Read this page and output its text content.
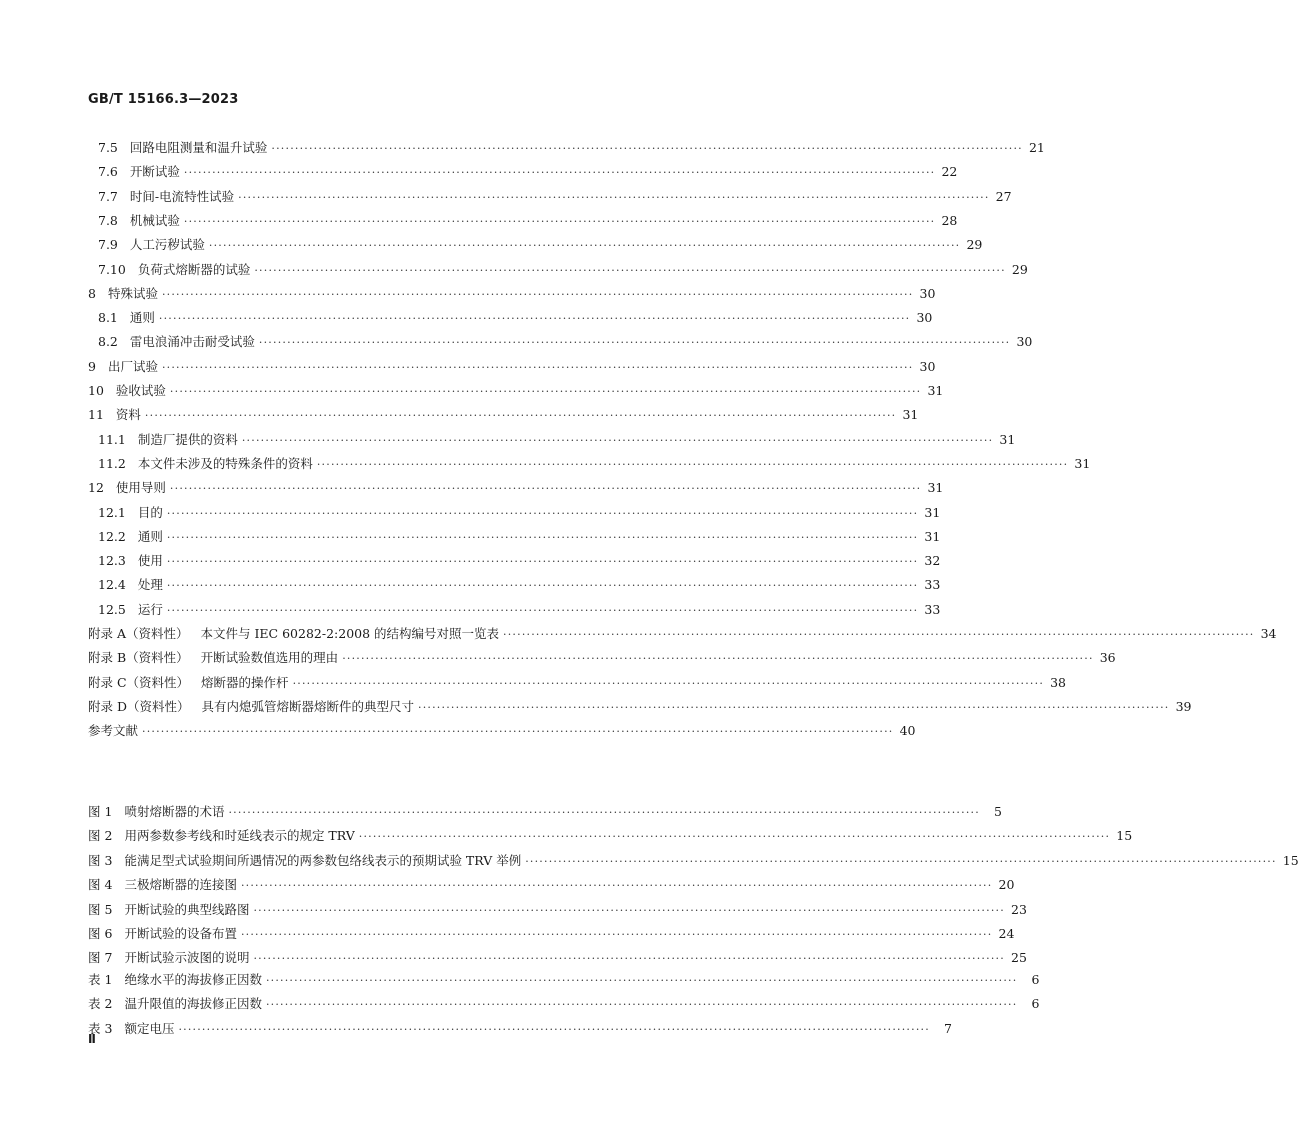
GB/T 15166.3—2023
7.5 回路电阻测量和温升试验 ································································································································································ 21
7.6 开断试验 ································································································································································ 22
7.7 时间-电流特性试验 ································································································································································ 27
7.8 机械试验 ································································································································································ 28
7.9 人工污秽试验 ································································································································································ 29
7.10 负荷式熔断器的试验 ································································································································································ 29
8 特殊试验 ································································································································································ 30
8.1 通则 ································································································································································ 30
8.2 雷电浪涌冲击耐受试验 ································································································································································ 30
9 出厂试验 ································································································································································ 30
10 验收试验 ································································································································································ 31
11 资料 ································································································································································ 31
11.1 制造厂提供的资料 ································································································································································ 31
11.2 本文件未涉及的特殊条件的资料 ································································································································································ 31
12 使用导则 ································································································································································ 31
12.1 目的 ································································································································································ 31
12.2 通则 ································································································································································ 31
12.3 使用 ································································································································································ 32
12.4 处理 ································································································································································ 33
12.5 运行 ································································································································································ 33
附录 A（资料性） 本文件与 IEC 60282-2:2008 的结构编号对照一览表 ································································································································································ 34
附录 B（资料性） 开断试验数值选用的理由 ································································································································································ 36
附录 C（资料性） 熔断器的操作杆 ································································································································································ 38
附录 D（资料性） 具有内熄弧管熔断器熔断件的典型尺寸 ································································································································································ 39
参考文献 ································································································································································ 40
图 1 喷射熔断器的术语 ································································································································································	5
图 2 用两参数参考线和时延线表示的规定 TRV ································································································································································ 15
图 3 能满足型式试验期间所遇情况的两参数包络线表示的预期试验 TRV 举例 ································································································································································ 15
图 4 三极熔断器的连接图 ································································································································································ 20
图 5 开断试验的典型线路图 ································································································································································ 23
图 6 开断试验的设备布置 ································································································································································ 24
图 7 开断试验示波图的说明 ································································································································································ 25
表 1 绝缘水平的海拔修正因数 ································································································································································	6
表 2 温升限值的海拔修正因数 ································································································································································	6
表 3 额定电压 ································································································································································	7
Ⅱ
